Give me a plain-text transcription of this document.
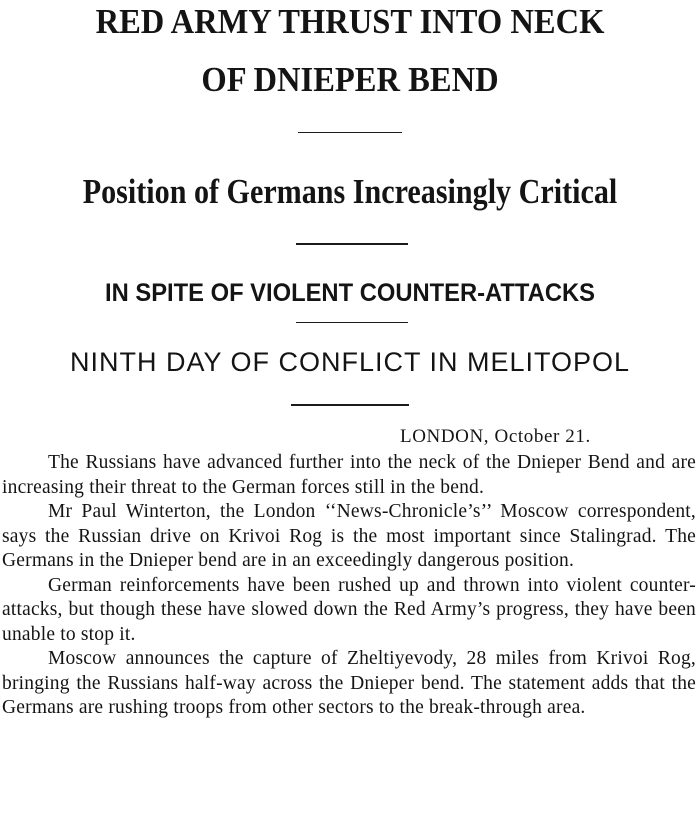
RED ARMY THRUST INTO NECK
OF DNIEPER BEND
Position of Germans Increasingly Critical
IN SPITE OF VIOLENT COUNTER-ATTACKS
NINTH DAY OF CONFLICT IN MELITOPOL
LONDON, October 21.

The Russians have advanced further into the neck of the Dnieper Bend and are increasing their threat to the German forces still in the bend.

Mr Paul Winterton, the London ‘‘News-Chronicle’s’’ Moscow correspondent, says the Russian drive on Krivoi Rog is the most important since Stalingrad. The Germans in the Dnieper bend are in an exceedingly dangerous position.

German reinforcements have been rushed up and thrown into violent counter-attacks, but though these have slowed down the Red Army’s progress, they have been unable to stop it.

Moscow announces the capture of Zheltiyevody, 28 miles from Krivoi Rog, bringing the Russians half-way across the Dnieper bend. The statement adds that the Germans are rushing troops from other sectors to the break-through area.
